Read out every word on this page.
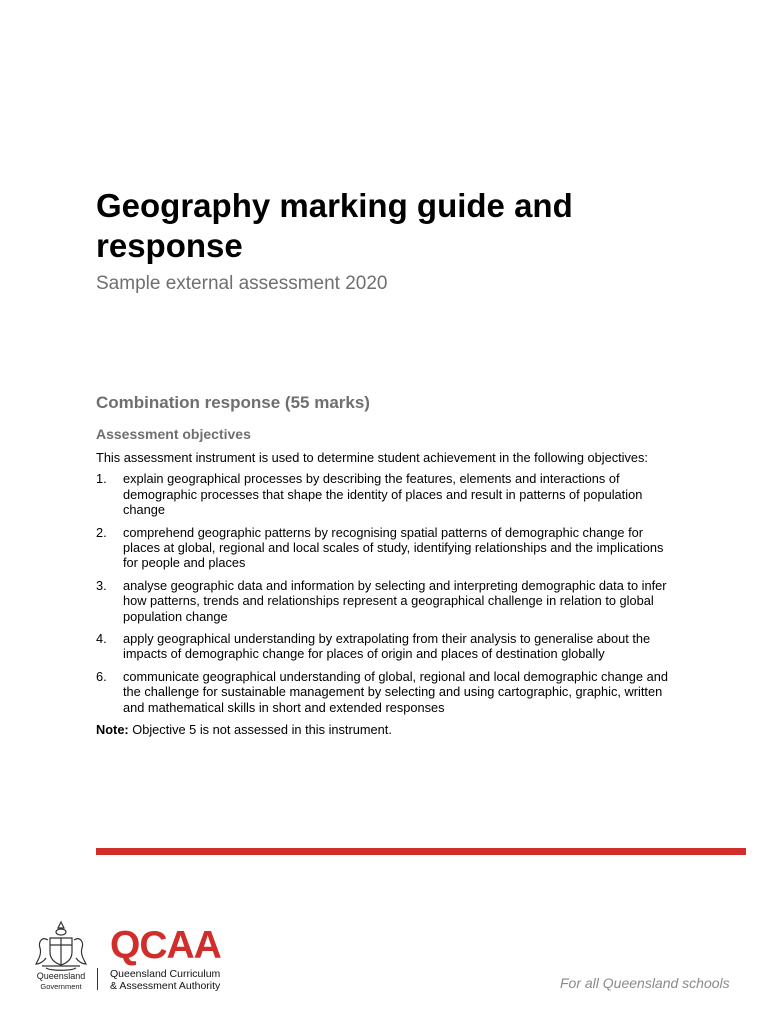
Geography marking guide and response
Sample external assessment 2020
Combination response (55 marks)
Assessment objectives

This assessment instrument is used to determine student achievement in the following objectives:

1. explain geographical processes by describing the features, elements and interactions of demographic processes that shape the identity of places and result in patterns of population change
2. comprehend geographic patterns by recognising spatial patterns of demographic change for places at global, regional and local scales of study, identifying relationships and the implications for people and places
3. analyse geographic data and information by selecting and interpreting demographic data to infer how patterns, trends and relationships represent a geographical challenge in relation to global population change
4. apply geographical understanding by extrapolating from their analysis to generalise about the impacts of demographic change for places of origin and places of destination globally
6. communicate geographical understanding of global, regional and local demographic change and the challenge for sustainable management by selecting and using cartographic, graphic, written and mathematical skills in short and extended responses

Note: Objective 5 is not assessed in this instrument.

Queensland
Government
QCAA
Queensland Curriculum
& Assessment Authority	For all Queensland schools
